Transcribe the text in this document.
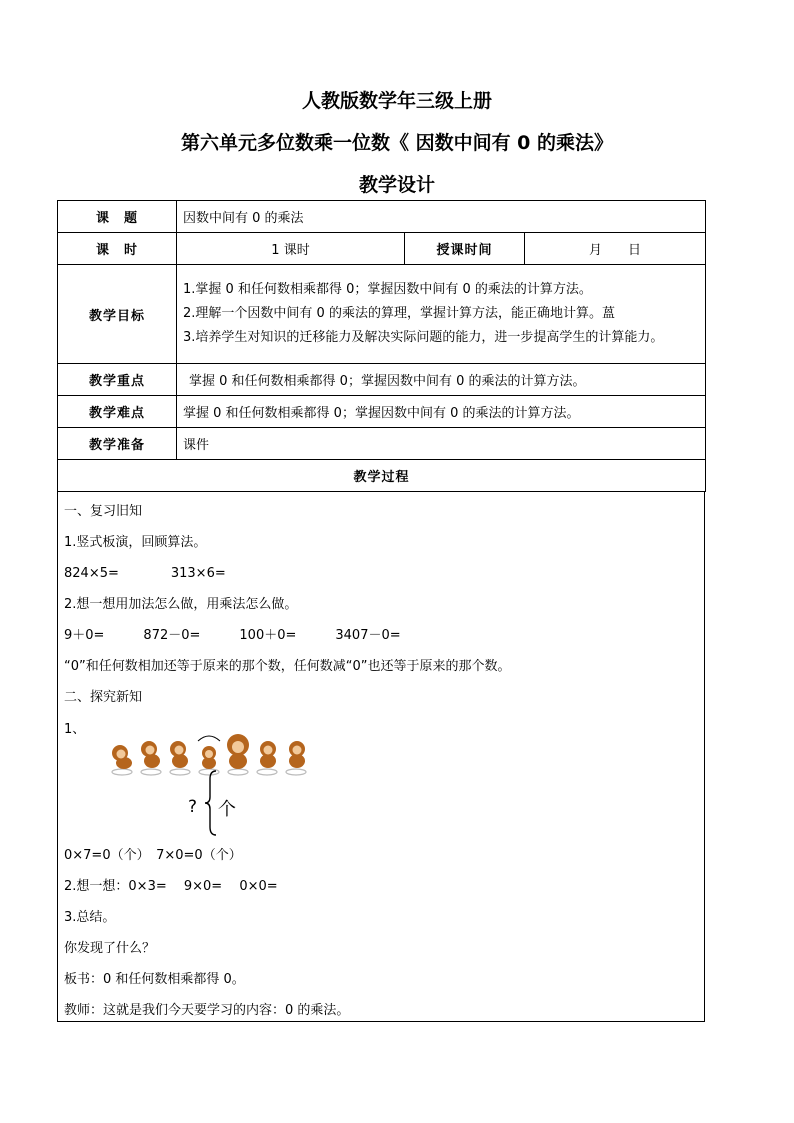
人教版数学年三级上册
第六单元多位数乘一位数《 因数中间有 0 的乘法》
教学设计
课　题	因数中间有 0 的乘法		
课　时	1 课时	授课时间	月　　日
教学目标	1.掌握 0 和任何数相乘都得 0；掌握因数中间有 0 的乘法的计算方法。
2.理解一个因数中间有 0 的乘法的算理，掌握计算方法，能正确地计算。蒕
3.培养学生对知识的迁移能力及解决实际问题的能力，进一步提高学生的计算能力。		

教学重点	掌握 0 和任何数相乘都得 0；掌握因数中间有 0 的乘法的计算方法。		
教学难点	掌握 0 和任何数相乘都得 0；掌握因数中间有 0 的乘法的计算方法。		
教学准备	课件		
教学过程			
一、复习旧知
1.竖式板演，回顾算法。
824×5=　　　　313×6=
2.想一想用加法怎么做，用乘法怎么做。
9＋0=　　　872－0=　　　100＋0=　　　3407－0=
“0”和任何数相加还等于原来的那个数，任何数减“0”也还等于原来的那个数。
二、探究新知
1、
? 个
0×7=0（个）　7×0=0（个）
2.想一想：0×3=　 9×0=　 0×0=
3.总结。
你发现了什么？
板书：0 和任何数相乘都得 0。
教师：这就是我们今天要学习的内容：0 的乘法。
